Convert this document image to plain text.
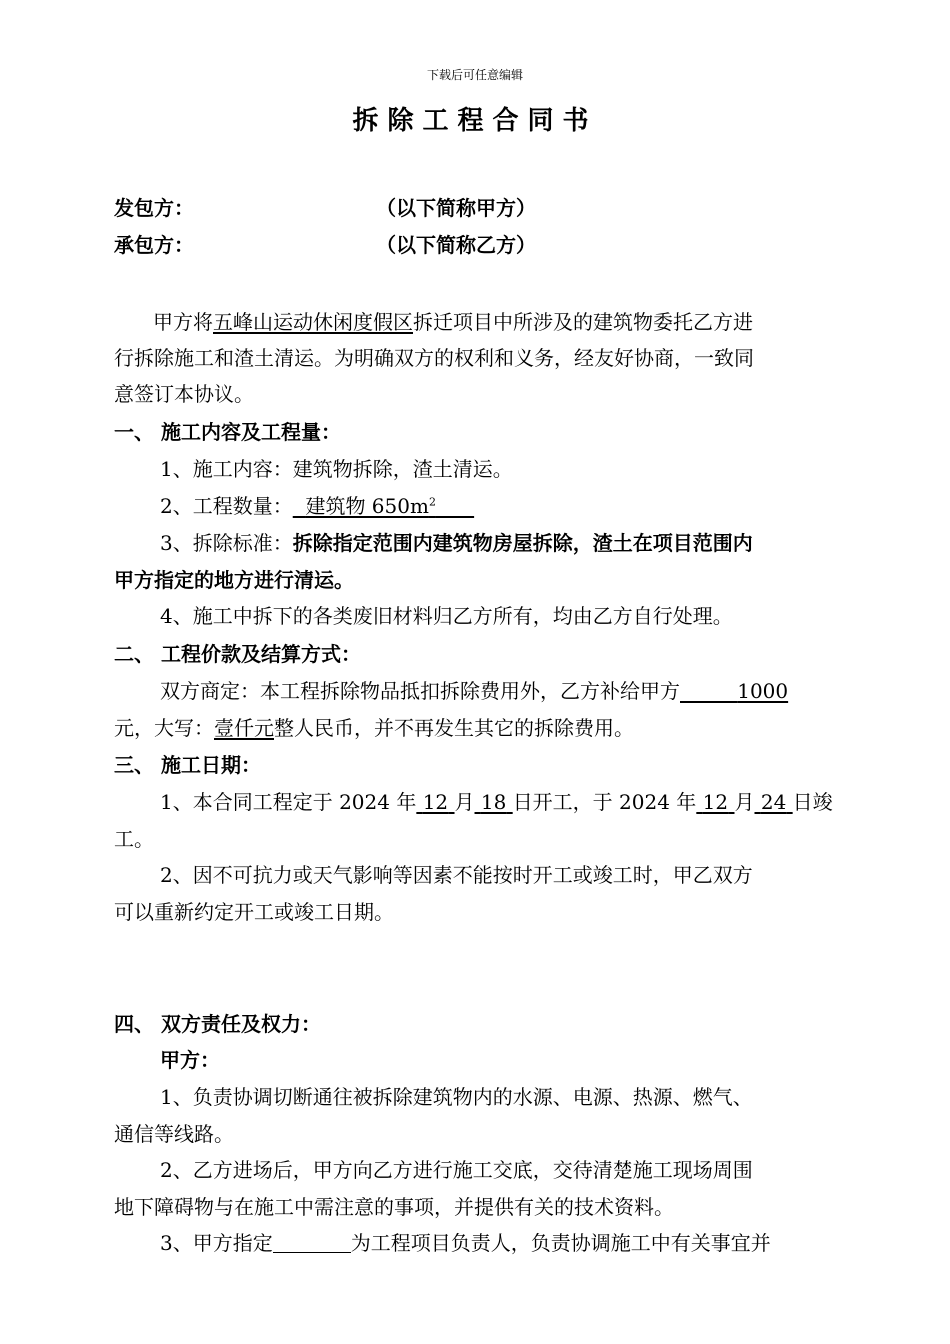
下载后可任意编辑
拆除工程合同书
发包方：	（以下简称甲方）
承包方：	（以下简称乙方）
甲方将五峰山运动休闲度假区拆迁项目中所涉及的建筑物委托乙方进
行拆除施工和渣土清运。为明确双方的权利和义务，经友好协商，一致同
意签订本协议。
一、 施工内容及工程量：
1、施工内容：建筑物拆除，渣土清运。
2、工程数量： 建筑物 $650m^2$
3、拆除标准：拆除指定范围内建筑物房屋拆除，渣土在项目范围内
甲方指定的地方进行清运。
4、施工中拆下的各类废旧材料归乙方所有，均由乙方自行处理。
二、 工程价款及结算方式：
双方商定：本工程拆除物品抵扣拆除费用外，乙方补给甲方	1000
元，大写：壹仟元整人民币，并不再发生其它的拆除费用。
三、 施工日期：
1、本合同工程定于 2024 年 12 月 18 日开工，于 2024 年 12 月 24 日竣
工。
2、因不可抗力或天气影响等因素不能按时开工或竣工时，甲乙双方
可以重新约定开工或竣工日期。
四、 双方责任及权力：
甲方：
1、负责协调切断通往被拆除建筑物内的水源、电源、热源、燃气、
通信等线路。
2、乙方进场后，甲方向乙方进行施工交底，交待清楚施工现场周围
地下障碍物与在施工中需注意的事项，并提供有关的技术资料。
3、甲方指定	为工程项目负责人，负责协调施工中有关事宜并
